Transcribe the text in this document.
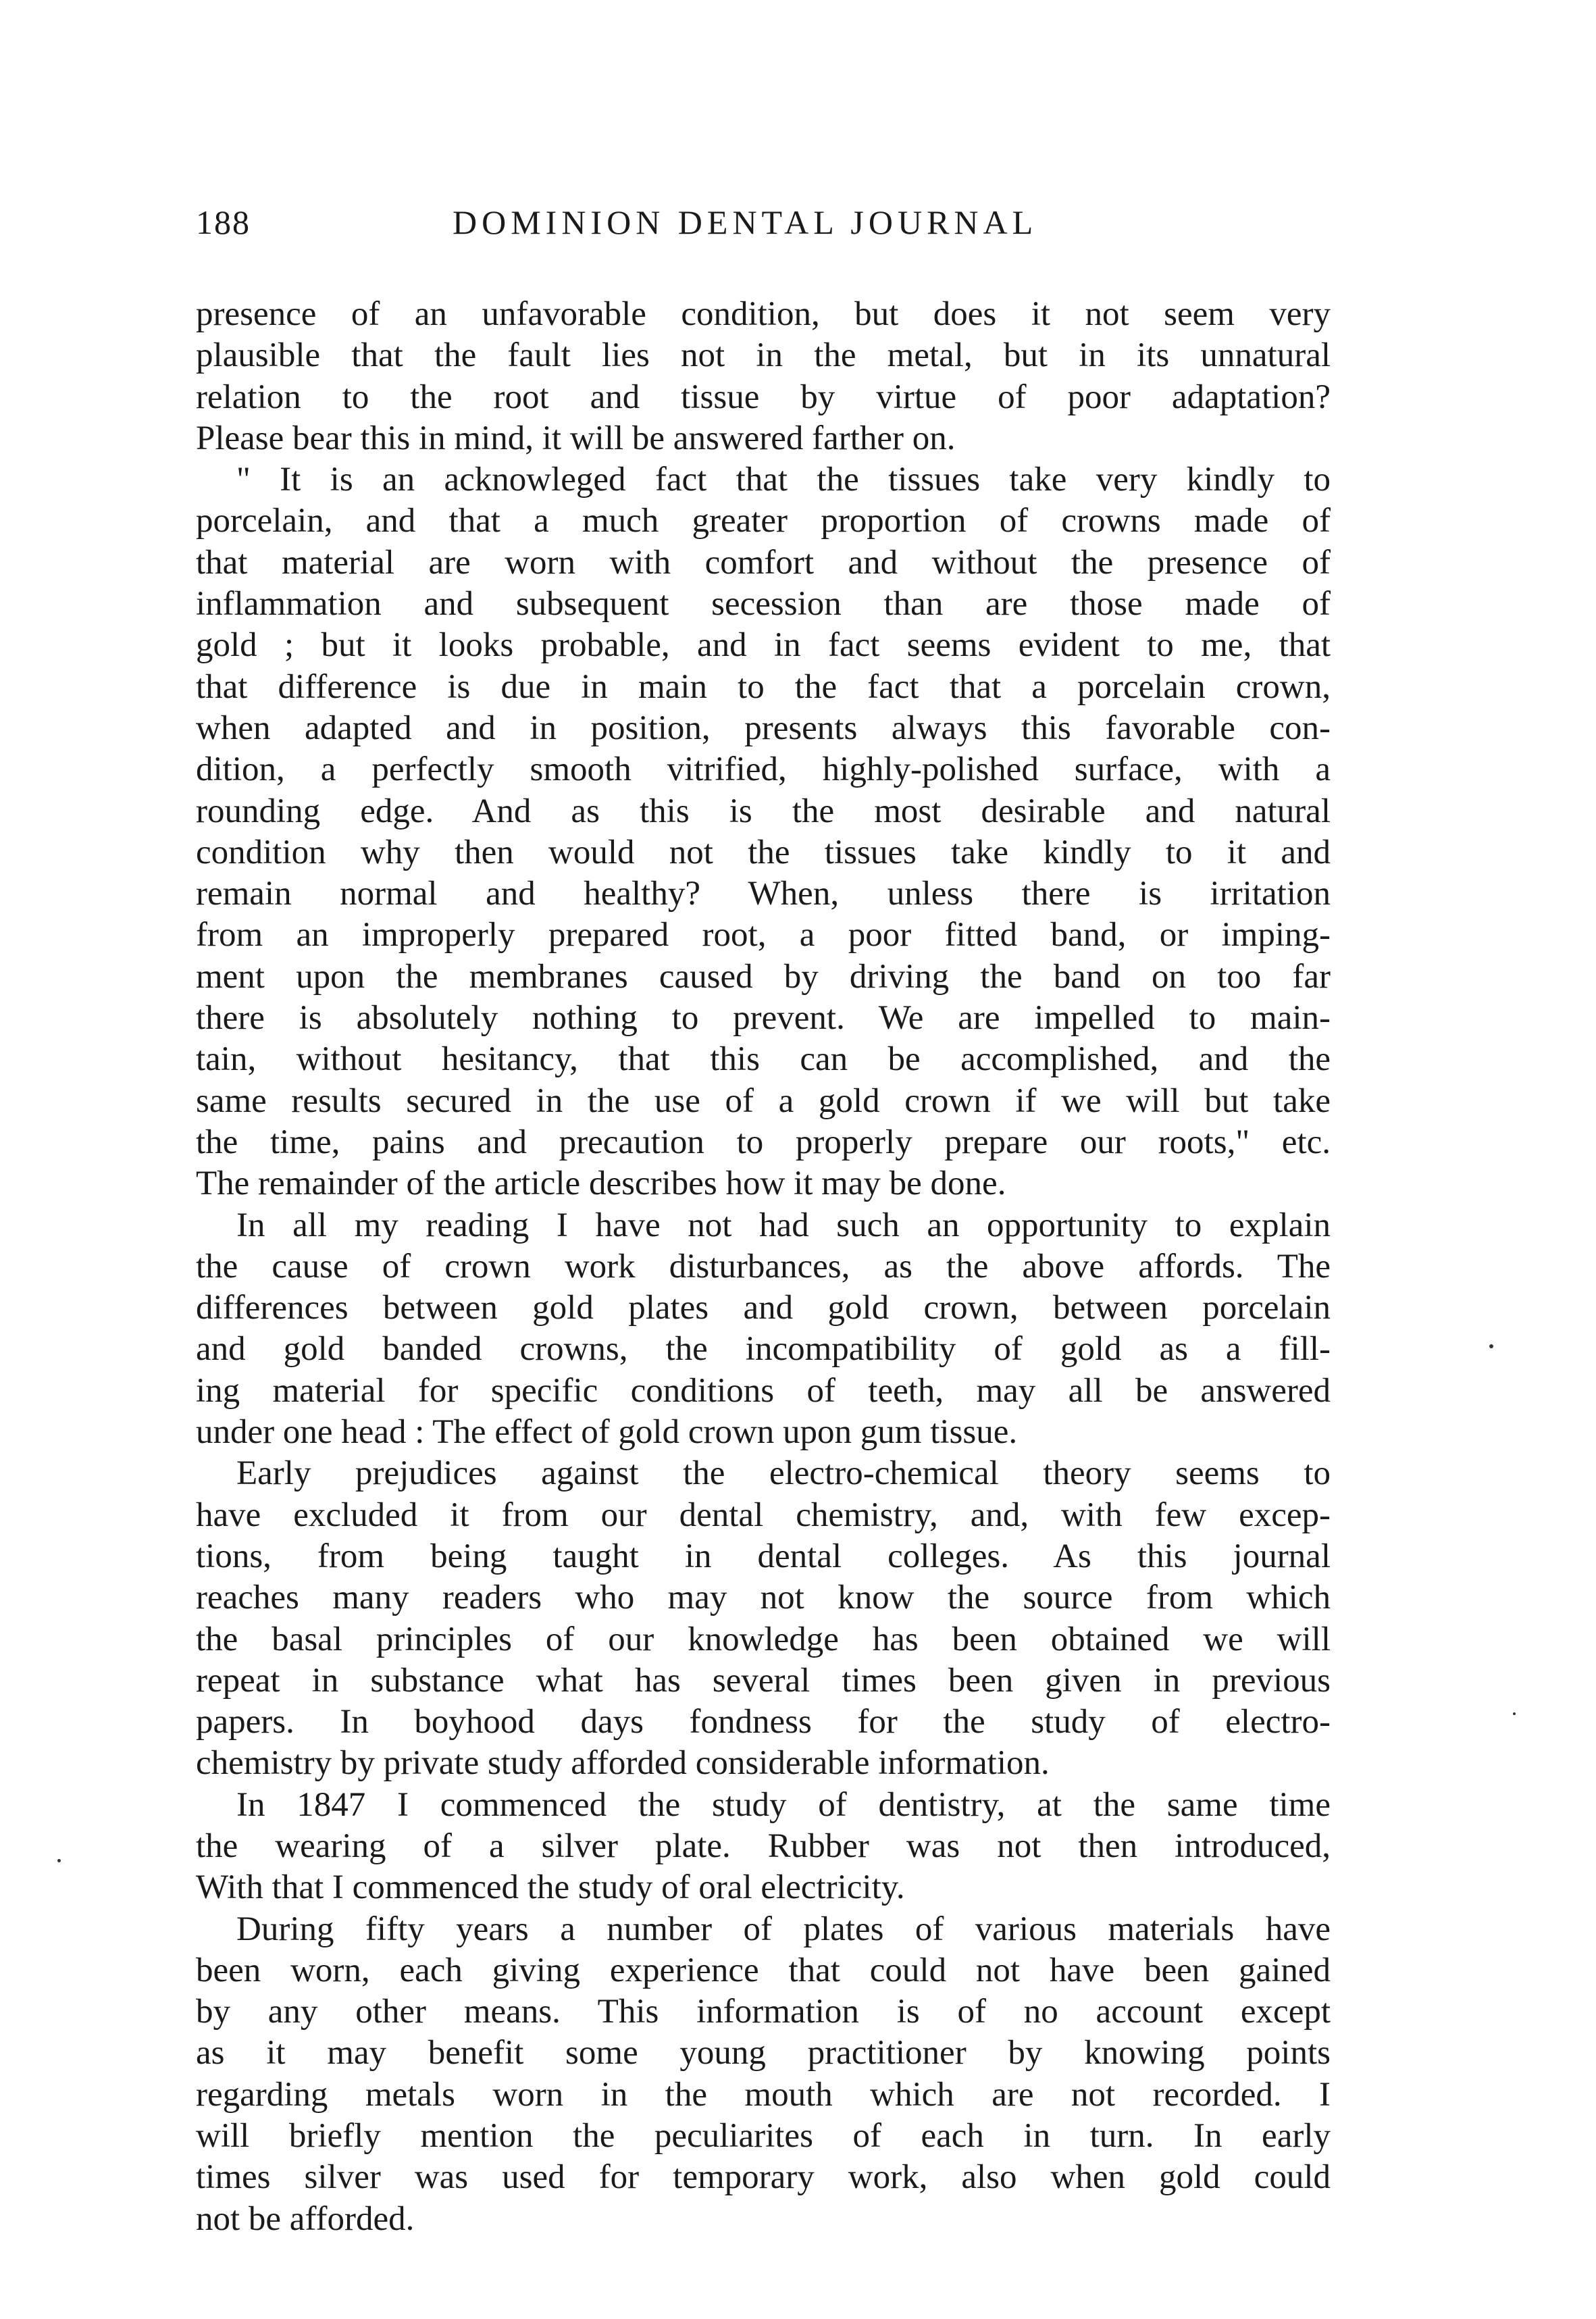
188	DOMINION DENTAL JOURNAL
presence of an unfavorable condition, but does it not seem very
plausible that the fault lies not in the metal, but in its unnatural
relation to the root and tissue by virtue of poor adaptation?
Please bear this in mind, it will be answered farther on.
" It is an acknowleged fact that the tissues take very kindly to
porcelain, and that a much greater proportion of crowns made of
that material are worn with comfort and without the presence of
inflammation and subsequent secession than are those made of
gold ; but it looks probable, and in fact seems evident to me, that
that difference is due in main to the fact that a porcelain crown,
when adapted and in position, presents always this favorable con-
dition, a perfectly smooth vitrified, highly-polished surface, with a
rounding edge. And as this is the most desirable and natural
condition why then would not the tissues take kindly to it and
remain normal and healthy? When, unless there is irritation
from an improperly prepared root, a poor fitted band, or imping-
ment upon the membranes caused by driving the band on too far
there is absolutely nothing to prevent. We are impelled to main-
tain, without hesitancy, that this can be accomplished, and the
same results secured in the use of a gold crown if we will but take
the time, pains and precaution to properly prepare our roots," etc.
The remainder of the article describes how it may be done.
In all my reading I have not had such an opportunity to explain
the cause of crown work disturbances, as the above affords. The
differences between gold plates and gold crown, between porcelain
and gold banded crowns, the incompatibility of gold as a fill-
ing material for specific conditions of teeth, may all be answered
under one head : The effect of gold crown upon gum tissue.
Early prejudices against the electro-chemical theory seems to
have excluded it from our dental chemistry, and, with few excep-
tions, from being taught in dental colleges. As this journal
reaches many readers who may not know the source from which
the basal principles of our knowledge has been obtained we will
repeat in substance what has several times been given in previous
papers. In boyhood days fondness for the study of electro-
chemistry by private study afforded considerable information.
In 1847 I commenced the study of dentistry, at the same time
the wearing of a silver plate. Rubber was not then introduced,
With that I commenced the study of oral electricity.
During fifty years a number of plates of various materials have
been worn, each giving experience that could not have been gained
by any other means. This information is of no account except
as it may benefit some young practitioner by knowing points
regarding metals worn in the mouth which are not recorded. I
will briefly mention the peculiarites of each in turn. In early
times silver was used for temporary work, also when gold could
not be afforded.
